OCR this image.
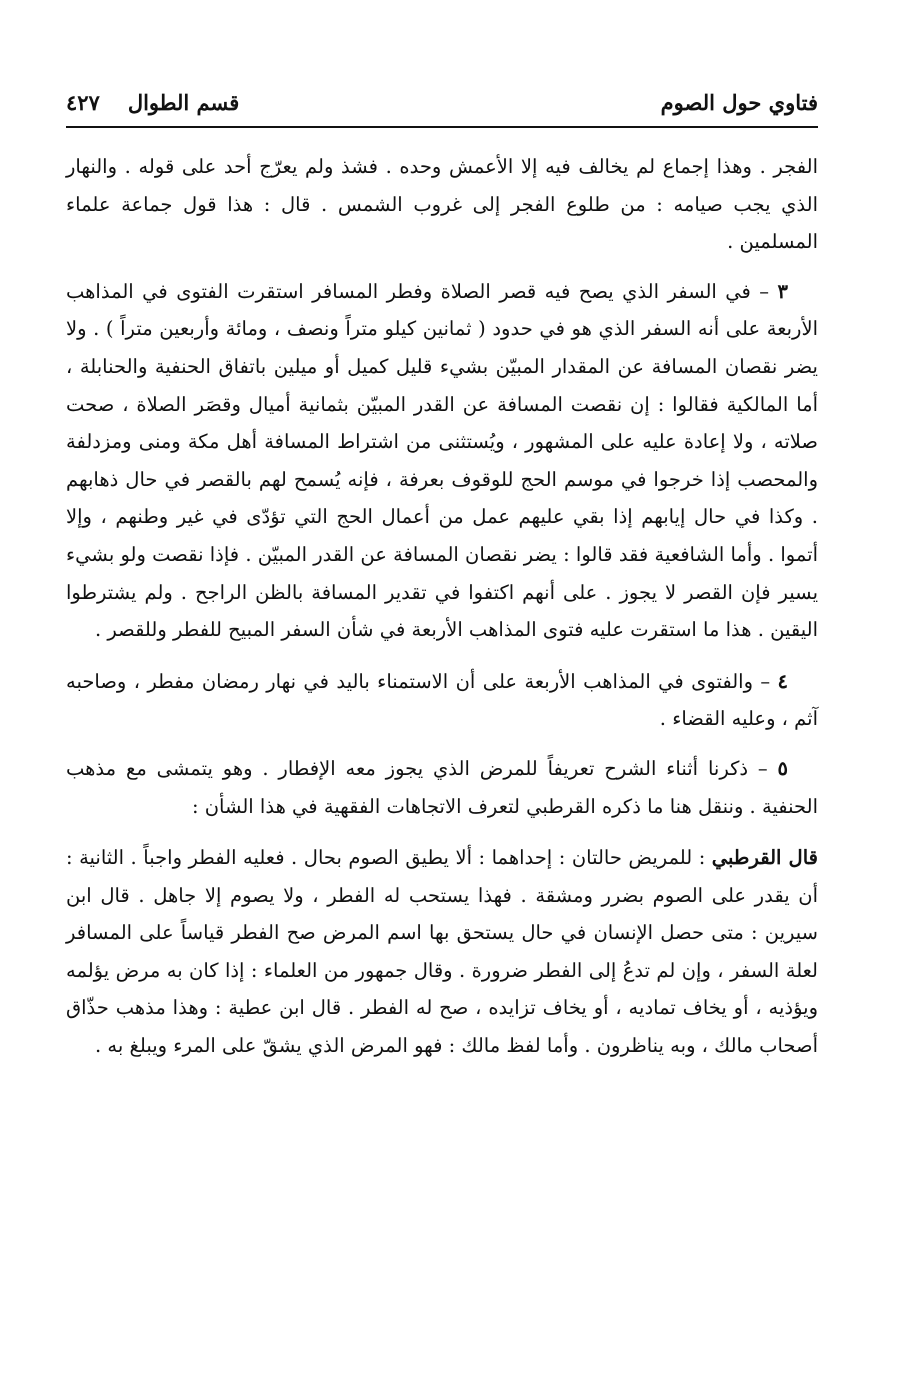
فتاوي حول الصوم
قسم الطوال٤٢٧

الفجر . وهذا إجماع لم يخالف فيه إلا الأعمش وحده . فشذ ولم يعرّج أحد على قوله . والنهار الذي يجب صيامه : من طلوع الفجر إلى غروب الشمس . قال : هذا قول جماعة علماء المسلمين .

٣ – في السفر الذي يصح فيه قصر الصلاة وفطر المسافر استقرت الفتوى في المذاهب الأربعة على أنه السفر الذي هو في حدود ( ثمانين كيلو متراً ونصف ، ومائة وأربعين متراً ) . ولا يضر نقصان المسافة عن المقدار المبيّن بشيء قليل كميل أو ميلين باتفاق الحنفية والحنابلة ، أما المالكية فقالوا : إن نقصت المسافة عن القدر المبيّن بثمانية أميال وقصَر الصلاة ، صحت صلاته ، ولا إعادة عليه على المشهور ، ويُستثنى من اشتراط المسافة أهل مكة ومنى ومزدلفة والمحصب إذا خرجوا في موسم الحج للوقوف بعرفة ، فإنه يُسمح لهم بالقصر في حال ذهابهم . وكذا في حال إيابهم إذا بقي عليهم عمل من أعمال الحج التي تؤدّى في غير وطنهم ، وإلا أتموا . وأما الشافعية فقد قالوا : يضر نقصان المسافة عن القدر المبيّن . فإذا نقصت ولو بشيء يسير فإن القصر لا يجوز . على أنهم اكتفوا في تقدير المسافة بالظن الراجح . ولم يشترطوا اليقين . هذا ما استقرت عليه فتوى المذاهب الأربعة في شأن السفر المبيح للفطر وللقصر .

٤ – والفتوى في المذاهب الأربعة على أن الاستمناء باليد في نهار رمضان مفطر ، وصاحبه آثم ، وعليه القضاء .

٥ – ذكرنا أثناء الشرح تعريفاً للمرض الذي يجوز معه الإفطار . وهو يتمشى مع مذهب الحنفية . وننقل هنا ما ذكره القرطبي لتعرف الاتجاهات الفقهية في هذا الشأن :

قال القرطبي : للمريض حالتان : إحداهما : ألا يطيق الصوم بحال . فعليه الفطر واجباً . الثانية : أن يقدر على الصوم بضرر ومشقة . فهذا يستحب له الفطر ، ولا يصوم إلا جاهل . قال ابن سيرين : متى حصل الإنسان في حال يستحق بها اسم المرض صح الفطر قياساً على المسافر لعلة السفر ، وإن لم تدعُ إلى الفطر ضرورة . وقال جمهور من العلماء : إذا كان به مرض يؤلمه ويؤذيه ، أو يخاف تماديه ، أو يخاف تزايده ، صح له الفطر . قال ابن عطية : وهذا مذهب حذّاق أصحاب مالك ، وبه يناظرون . وأما لفظ مالك : فهو المرض الذي يشقّ على المرء ويبلغ به .
